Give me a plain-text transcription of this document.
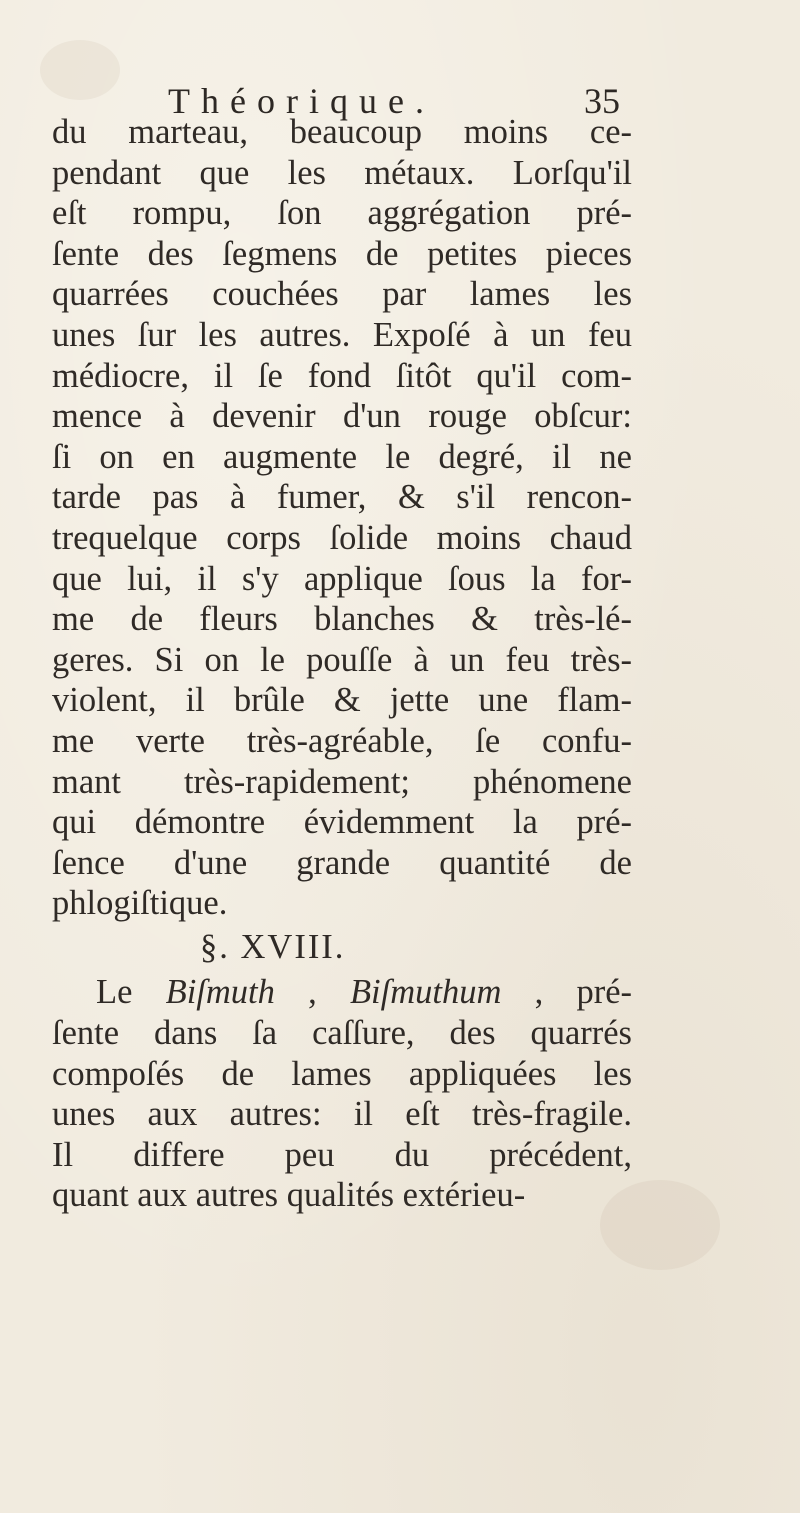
Théorique.	35
du marteau, beaucoup moins ce-
pendant que les métaux. Lorſqu'il
eſt rompu, ſon aggrégation pré-
ſente des ſegmens de petites pieces
quarrées couchées par lames les
unes ſur les autres. Expoſé à un feu
médiocre, il ſe fond ſitôt qu'il com-
mence à devenir d'un rouge obſcur:
ſi on en augmente le degré, il ne
tarde pas à fumer, & s'il rencon-
trequelque corps ſolide moins chaud
que lui, il s'y applique ſous la for-
me de fleurs blanches & très-lé-
geres. Si on le pouſſe à un feu très-
violent, il brûle & jette une flam-
me verte très-agréable, ſe confu-
mant très-rapidement; phénomene
qui démontre évidemment la pré-
ſence d'une grande quantité de
phlogiſtique.
§. XVIII.
Le Biſmuth , Biſmuthum , pré-
ſente dans ſa caſſure, des quarrés
compoſés de lames appliquées les
unes aux autres: il eſt très-fragile.
Il differe peu du précédent,
quant aux autres qualités extérieu-
